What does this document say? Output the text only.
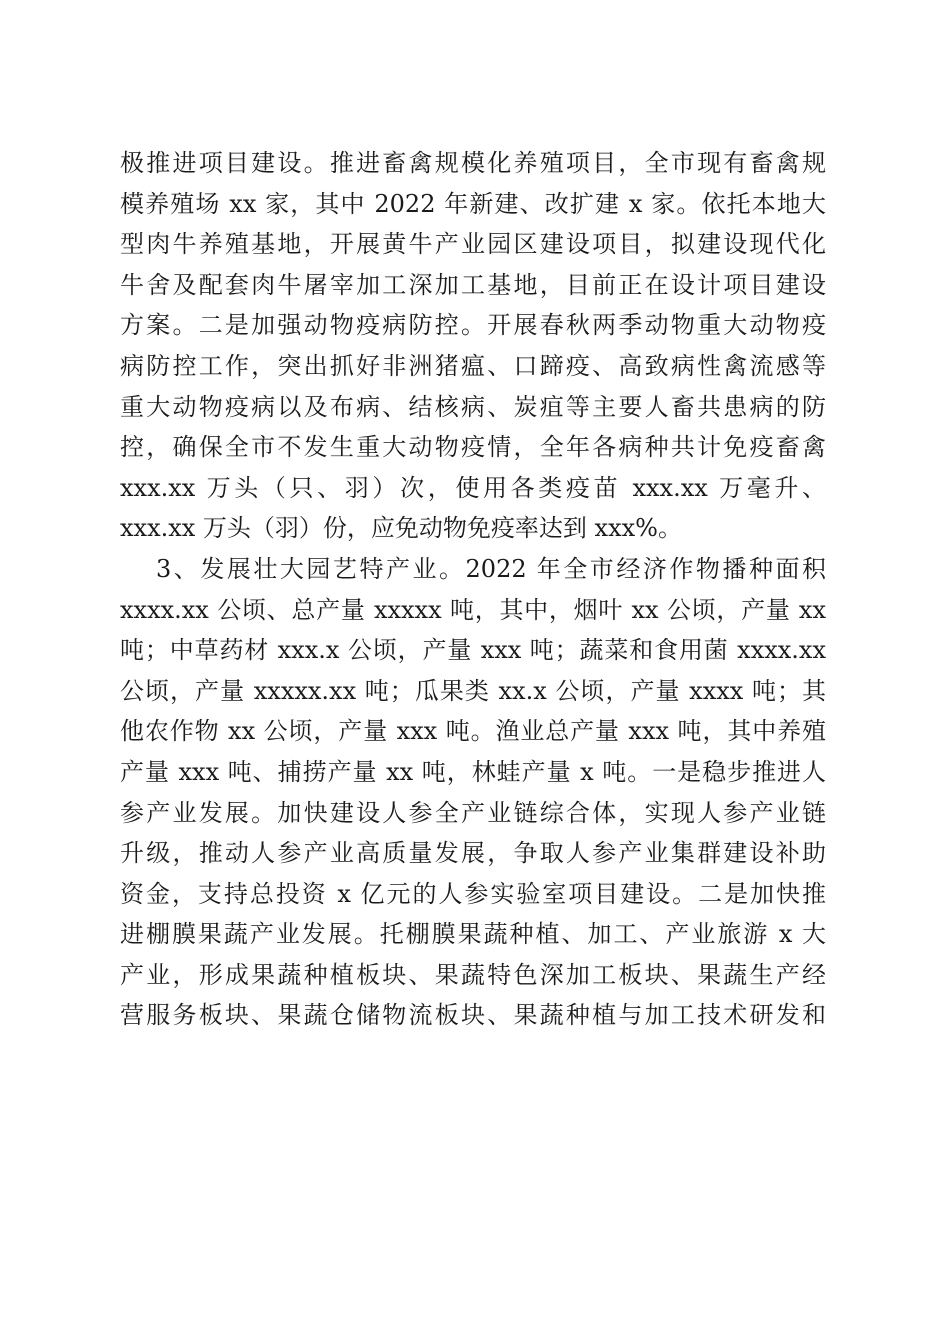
极推进项目建设。推进畜禽规模化养殖项目，全市现有畜禽规
模养殖场 xx 家，其中 2022 年新建、改扩建 x 家。依托本地大
型肉牛养殖基地，开展黄牛产业园区建设项目，拟建设现代化
牛舍及配套肉牛屠宰加工深加工基地，目前正在设计项目建设
方案。二是加强动物疫病防控。开展春秋两季动物重大动物疫
病防控工作，突出抓好非洲猪瘟、口蹄疫、高致病性禽流感等
重大动物疫病以及布病、结核病、炭疽等主要人畜共患病的防
控，确保全市不发生重大动物疫情，全年各病种共计免疫畜禽
xxx.xx 万头（只、羽）次，使用各类疫苗 xxx.xx 万毫升、
xxx.xx 万头（羽）份，应免动物免疫率达到 xxx%。
3、发展壮大园艺特产业。2022 年全市经济作物播种面积
xxxx.xx 公顷、总产量 xxxxx 吨，其中，烟叶 xx 公顷，产量 xx
吨；中草药材 xxx.x 公顷，产量 xxx 吨；蔬菜和食用菌 xxxx.xx
公顷，产量 xxxxx.xx 吨；瓜果类 xx.x 公顷，产量 xxxx 吨；其
他农作物 xx 公顷，产量 xxx 吨。渔业总产量 xxx 吨，其中养殖
产量 xxx 吨、捕捞产量 xx 吨，林蛙产量 x 吨。一是稳步推进人
参产业发展。加快建设人参全产业链综合体，实现人参产业链
升级，推动人参产业高质量发展，争取人参产业集群建设补助
资金，支持总投资 x 亿元的人参实验室项目建设。二是加快推
进棚膜果蔬产业发展。托棚膜果蔬种植、加工、产业旅游 x 大
产业，形成果蔬种植板块、果蔬特色深加工板块、果蔬生产经
营服务板块、果蔬仓储物流板块、果蔬种植与加工技术研发和
